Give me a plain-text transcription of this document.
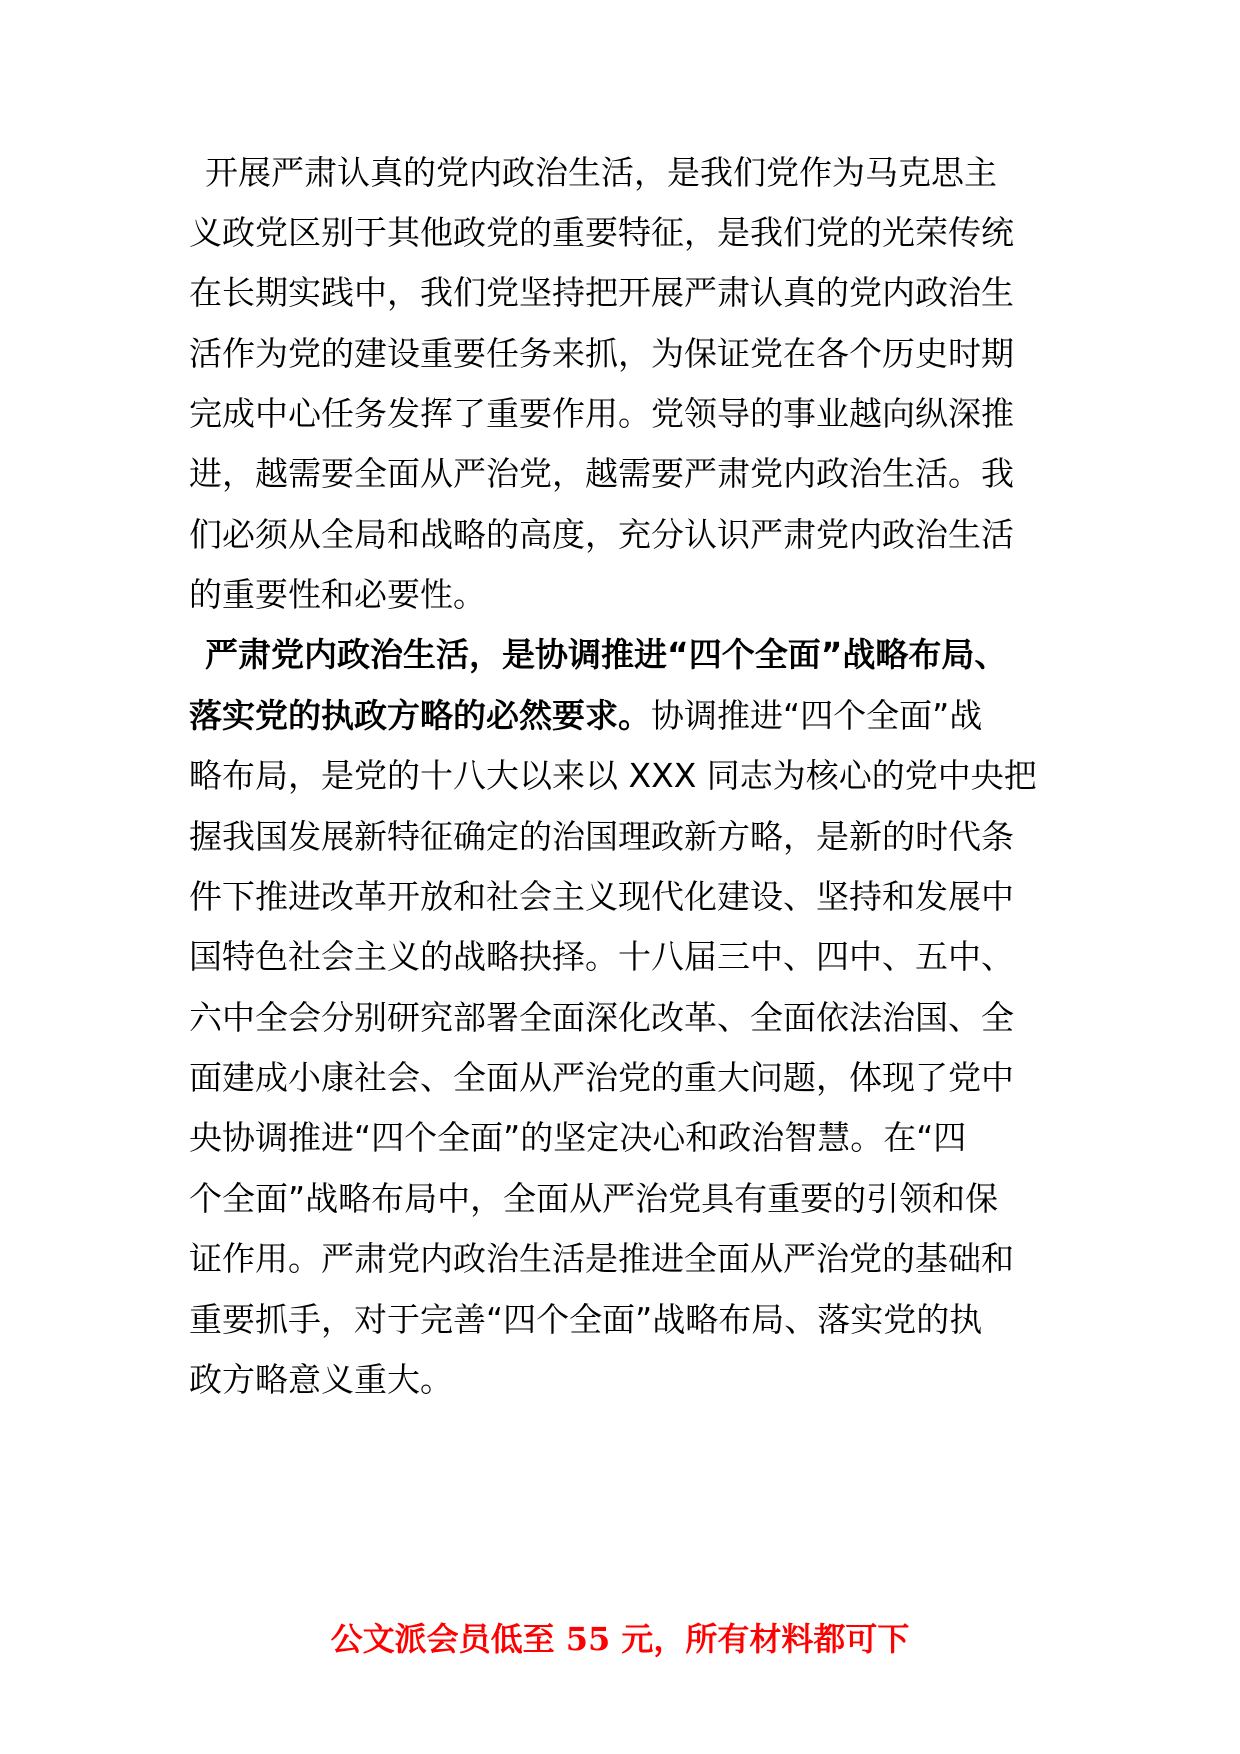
开展严肃认真的党内政治生活，是我们党作为马克思主

义政党区别于其他政党的重要特征，是我们党的光荣传统

在长期实践中，我们党坚持把开展严肃认真的党内政治生

活作为党的建设重要任务来抓，为保证党在各个历史时期

完成中心任务发挥了重要作用。党领导的事业越向纵深推

进，越需要全面从严治党，越需要严肃党内政治生活。我

们必须从全局和战略的高度，充分认识严肃党内政治生活

的重要性和必要性。

严肃党内政治生活，是协调推进“四个全面”战略布局、

落实党的执政方略的必然要求。协调推进“四个全面”战

略布局，是党的十八大以来以 XXX 同志为核心的党中央把

握我国发展新特征确定的治国理政新方略，是新的时代条

件下推进改革开放和社会主义现代化建设、坚持和发展中

国特色社会主义的战略抉择。十八届三中、四中、五中、

六中全会分别研究部署全面深化改革、全面依法治国、全

面建成小康社会、全面从严治党的重大问题，体现了党中

央协调推进“四个全面”的坚定决心和政治智慧。在“四

个全面”战略布局中，全面从严治党具有重要的引领和保

证作用。严肃党内政治生活是推进全面从严治党的基础和

重要抓手，对于完善“四个全面”战略布局、落实党的执

政方略意义重大。

公文派会员低至 55 元，所有材料都可下
